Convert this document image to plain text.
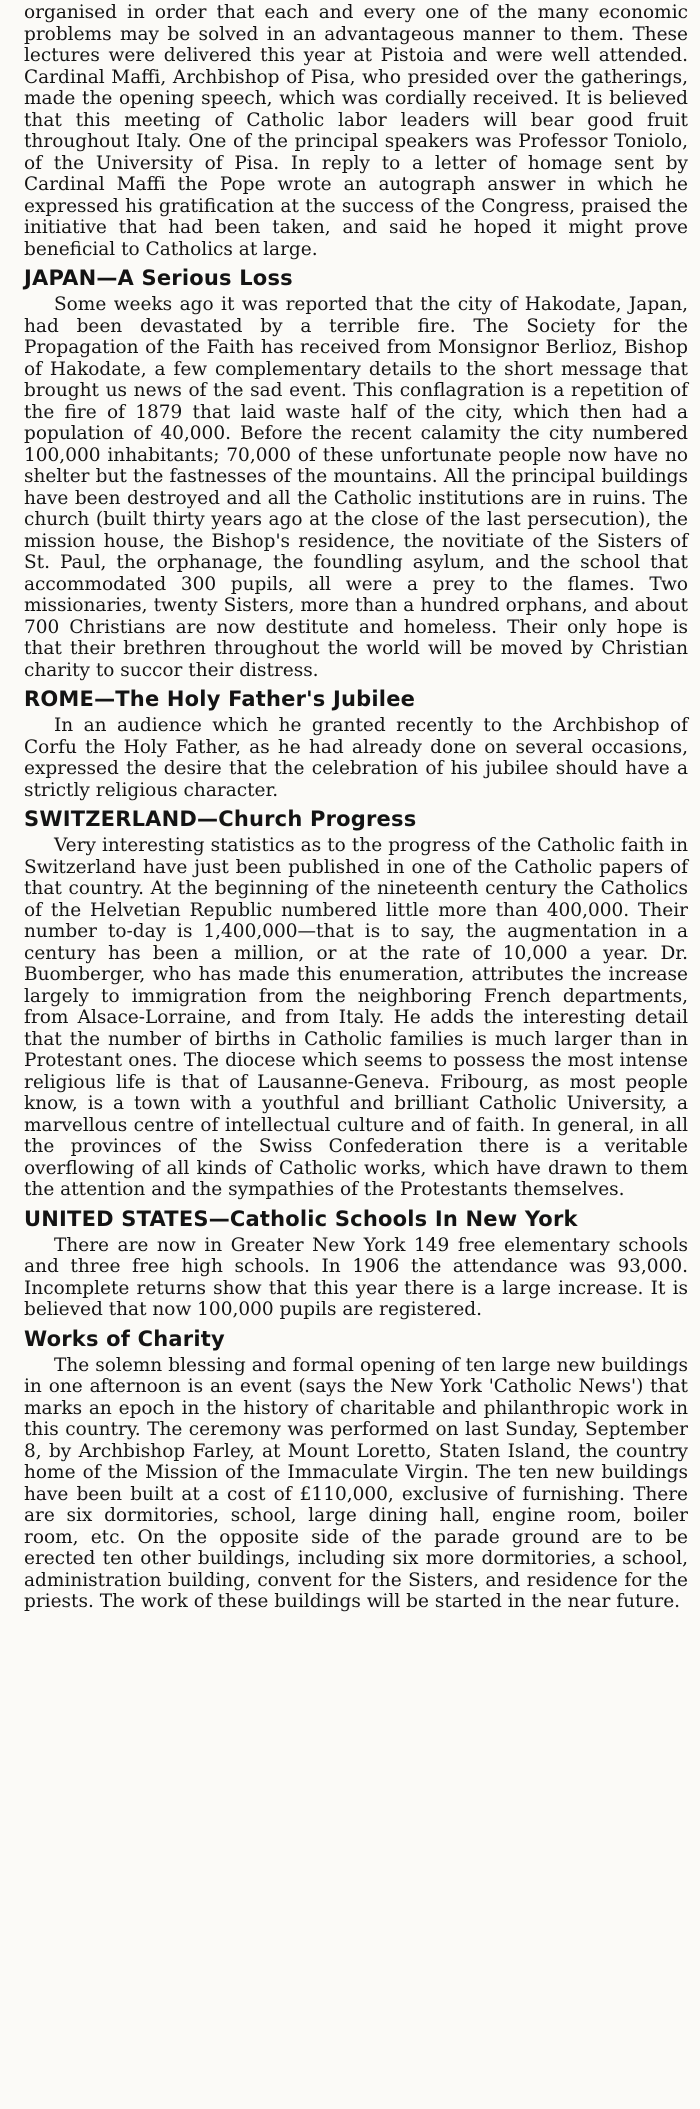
organised in order that each and every one of the many economic problems may be solved in an advantageous manner to them. These lectures were delivered this year at Pistoia and were well attended. Cardinal Maffi, Archbishop of Pisa, who presided over the gatherings, made the opening speech, which was cordially received. It is believed that this meeting of Catholic labor leaders will bear good fruit throughout Italy. One of the principal speakers was Professor Toniolo, of the University of Pisa. In reply to a letter of homage sent by Cardinal Maffi the Pope wrote an autograph answer in which he expressed his gratification at the success of the Congress, praised the initiative that had been taken, and said he hoped it might prove beneficial to Catholics at large.

JAPAN—A Serious Loss

Some weeks ago it was reported that the city of Hakodate, Japan, had been devastated by a terrible fire. The Society for the Propagation of the Faith has received from Monsignor Berlioz, Bishop of Hakodate, a few complementary details to the short message that brought us news of the sad event. This conflagration is a repetition of the fire of 1879 that laid waste half of the city, which then had a population of 40,000. Before the recent calamity the city numbered 100,000 inhabitants; 70,000 of these unfortunate people now have no shelter but the fastnesses of the mountains. All the principal buildings have been destroyed and all the Catholic institutions are in ruins. The church (built thirty years ago at the close of the last persecution), the mission house, the Bishop's residence, the novitiate of the Sisters of St. Paul, the orphanage, the foundling asylum, and the school that accommodated 300 pupils, all were a prey to the flames. Two missionaries, twenty Sisters, more than a hundred orphans, and about 700 Christians are now destitute and homeless. Their only hope is that their brethren throughout the world will be moved by Christian charity to succor their distress.

ROME—The Holy Father's Jubilee

In an audience which he granted recently to the Archbishop of Corfu the Holy Father, as he had already done on several occasions, expressed the desire that the celebration of his jubilee should have a strictly religious character.

SWITZERLAND—Church Progress

Very interesting statistics as to the progress of the Catholic faith in Switzerland have just been published in one of the Catholic papers of that country. At the beginning of the nineteenth century the Catholics of the Helvetian Republic numbered little more than 400,000. Their number to-day is 1,400,000—that is to say, the augmentation in a century has been a million, or at the rate of 10,000 a year. Dr. Buomberger, who has made this enumeration, attributes the increase largely to immigration from the neighboring French departments, from Alsace-Lorraine, and from Italy. He adds the interesting detail that the number of births in Catholic families is much larger than in Protestant ones. The diocese which seems to possess the most intense religious life is that of Lausanne-Geneva. Fribourg, as most people know, is a town with a youthful and brilliant Catholic University, a marvellous centre of intellectual culture and of faith. In general, in all the provinces of the Swiss Confederation there is a veritable overflowing of all kinds of Catholic works, which have drawn to them the attention and the sympathies of the Protestants themselves.

UNITED STATES—Catholic Schools In New York

There are now in Greater New York 149 free elementary schools and three free high schools. In 1906 the attendance was 93,000. Incomplete returns show that this year there is a large increase. It is believed that now 100,000 pupils are registered.

Works of Charity

The solemn blessing and formal opening of ten large new buildings in one afternoon is an event (says the New York 'Catholic News') that marks an epoch in the history of charitable and philanthropic work in this country. The ceremony was performed on last Sunday, September 8, by Archbishop Farley, at Mount Loretto, Staten Island, the country home of the Mission of the Immaculate Virgin. The ten new buildings have been built at a cost of £110,000, exclusive of furnishing. There are six dormitories, school, large dining hall, engine room, boiler room, etc. On the opposite side of the parade ground are to be erected ten other buildings, including six more dormitories, a school, administration building, convent for the Sisters, and residence for the priests. The work of these buildings will be started in the near future.
